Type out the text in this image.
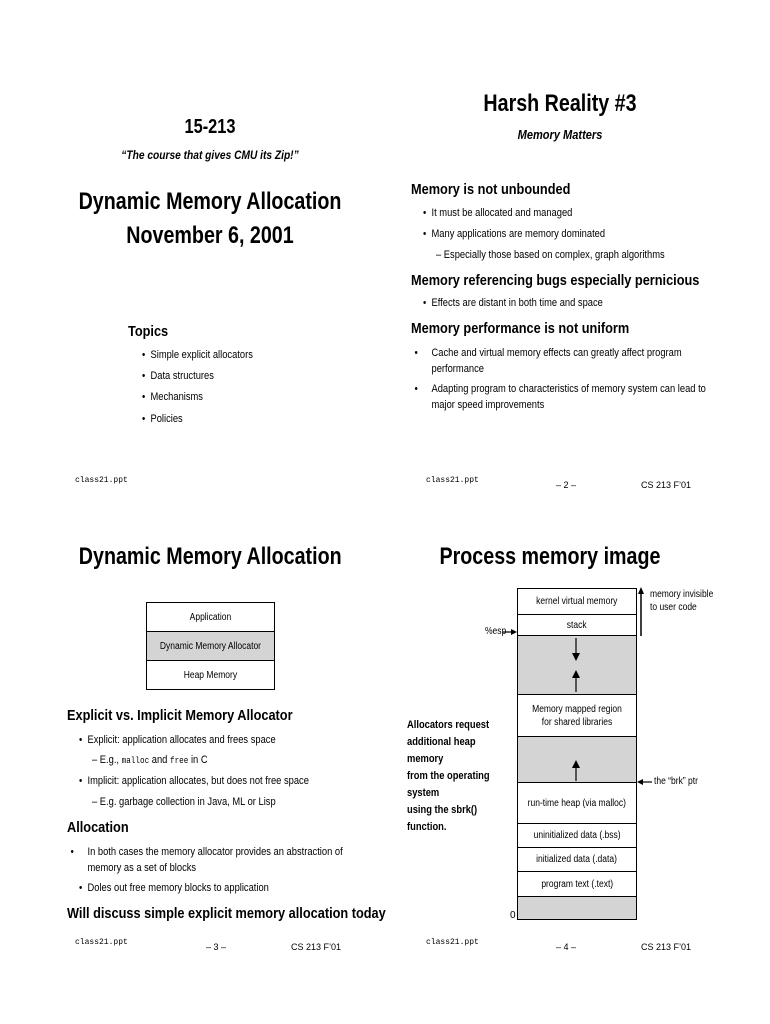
15-213
“The course that gives CMU its Zip!”
Dynamic Memory Allocation
November 6, 2001
Topics
• Simple explicit allocators
• Data structures
• Mechanisms
• Policies
class21.ppt
Harsh Reality #3
Memory Matters
Memory is not unbounded
• It must be allocated and managed
• Many applications are memory dominated
– Especially those based on complex, graph algorithms
Memory referencing bugs especially pernicious
• Effects are distant in both time and space
Memory performance is not uniform
• Cache and virtual memory effects can greatly affect program performance
• Adapting program to characteristics of memory system can lead to major speed improvements
class21.ppt	– 2 –	CS 213 F’01
Dynamic Memory Allocation
Application
Dynamic Memory Allocator
Heap Memory
Explicit vs. Implicit Memory Allocator
• Explicit: application allocates and frees space
– E.g., malloc and free in C
• Implicit: application allocates, but does not free space
– E.g. garbage collection in Java, ML or Lisp
Allocation
• In both cases the memory allocator provides an abstraction of memory as a set of blocks
• Doles out free memory blocks to application
Will discuss simple explicit memory allocation today
class21.ppt	– 3 –	CS 213 F’01
Process memory image
kernel virtual memory
stack
Memory mapped region for shared libraries
run-time heap (via malloc)
uninitialized data (.bss)
initialized data (.data)
program text (.text)
memory invisible to user code
%esp
the “brk” ptr
0
Allocators request
additional heap
memory
from the operating
system
using the sbrk()
function.
class21.ppt	– 4 –	CS 213 F’01
